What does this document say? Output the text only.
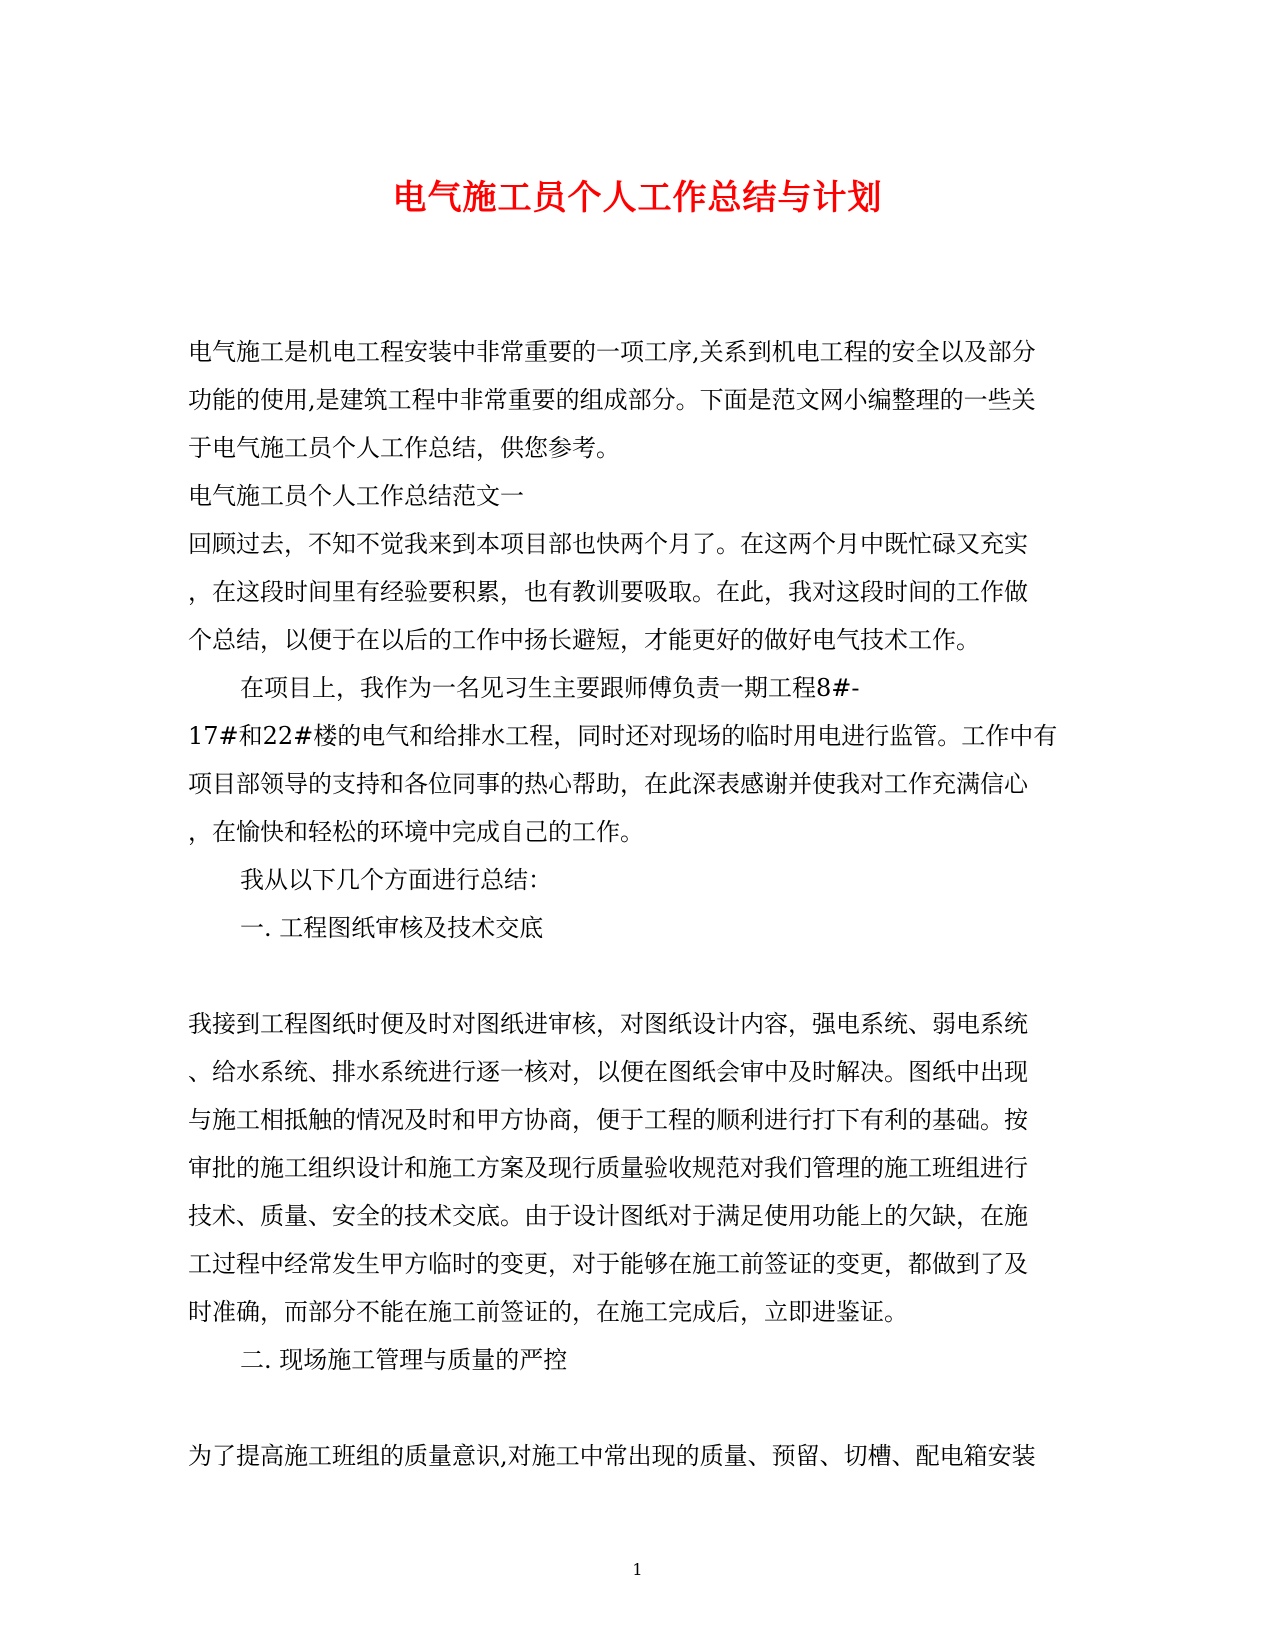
电气施工员个人工作总结与计划
电气施工是机电工程安装中非常重要的一项工序,关系到机电工程的安全以及部分
功能的使用,是建筑工程中非常重要的组成部分。下面是范文网小编整理的一些关
于电气施工员个人工作总结，供您参考。
电气施工员个人工作总结范文一
回顾过去，不知不觉我来到本项目部也快两个月了。在这两个月中既忙碌又充实
，在这段时间里有经验要积累，也有教训要吸取。在此，我对这段时间的工作做
个总结，以便于在以后的工作中扬长避短，才能更好的做好电气技术工作。
在项目上，我作为一名见习生主要跟师傅负责一期工程8#-
17#和22#楼的电气和给排水工程，同时还对现场的临时用电进行监管。工作中有
项目部领导的支持和各位同事的热心帮助，在此深表感谢并使我对工作充满信心
，在愉快和轻松的环境中完成自己的工作。
我从以下几个方面进行总结：
一. 工程图纸审核及技术交底
我接到工程图纸时便及时对图纸进审核，对图纸设计内容，强电系统、弱电系统
、给水系统、排水系统进行逐一核对，以便在图纸会审中及时解决。图纸中出现
与施工相抵触的情况及时和甲方协商，便于工程的顺利进行打下有利的基础。按
审批的施工组织设计和施工方案及现行质量验收规范对我们管理的施工班组进行
技术、质量、安全的技术交底。由于设计图纸对于满足使用功能上的欠缺，在施
工过程中经常发生甲方临时的变更，对于能够在施工前签证的变更，都做到了及
时准确，而部分不能在施工前签证的，在施工完成后，立即进鉴证。
二. 现场施工管理与质量的严控
为了提高施工班组的质量意识,对施工中常出现的质量、预留、切槽、配电箱安装
1
